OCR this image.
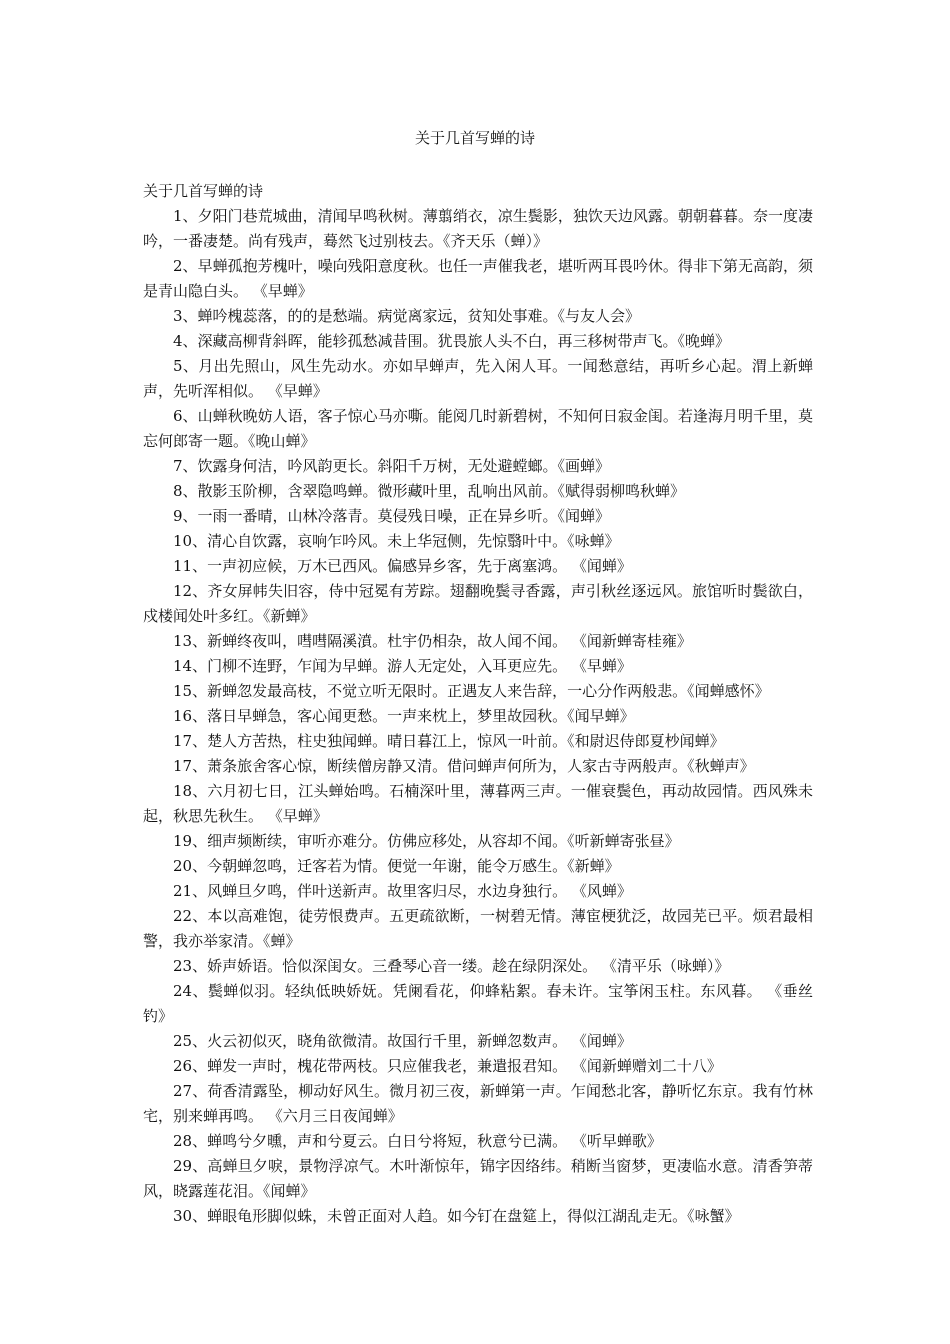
关于几首写蝉的诗

关于几首写蝉的诗

1、夕阳门巷荒城曲，清闻早鸣秋树。薄翦绡衣，凉生鬓影，独饮天边风露。朝朝暮暮。奈一度凄吟，一番凄楚。尚有残声，蓦然飞过别枝去。《齐天乐（蝉）》

2、早蝉孤抱芳槐叶，噪向残阳意度秋。也任一声催我老，堪听两耳畏吟休。得非下第无高韵，须是青山隐白头。 《早蝉》

3、蝉吟槐蕊落，的的是愁端。病觉离家远，贫知处事难。《与友人会》

4、深藏高柳背斜晖，能轸孤愁减昔围。犹畏旅人头不白，再三移树带声飞。《晚蝉》

5、月出先照山，风生先动水。亦如早蝉声，先入闲人耳。一闻愁意结，再听乡心起。渭上新蝉声，先听浑相似。 《早蝉》

6、山蝉秋晚妨人语，客子惊心马亦嘶。能阅几时新碧树，不知何日寂金闺。若逢海月明千里，莫忘何郎寄一题。《晚山蝉》

7、饮露身何洁，吟风韵更长。斜阳千万树，无处避螳螂。《画蝉》

8、散影玉阶柳，含翠隐鸣蝉。微形藏叶里，乱响出风前。《赋得弱柳鸣秋蝉》

9、一雨一番晴，山林冷落青。莫侵残日噪，正在异乡听。《闻蝉》

10、清心自饮露，哀响乍吟风。未上华冠侧，先惊翳叶中。《咏蝉》

11、一声初应候，万木已西风。偏感异乡客，先于离塞鸿。 《闻蝉》

12、齐女屏帏失旧容，侍中冠冕有芳踪。翅翻晚鬓寻香露，声引秋丝逐远风。旅馆听时鬓欲白，戍楼闻处叶多红。《新蝉》

13、新蝉终夜叫，嘒嘒隔溪濆。杜宇仍相杂，故人闻不闻。 《闻新蝉寄桂雍》

14、门柳不连野，乍闻为早蝉。游人无定处，入耳更应先。 《早蝉》

15、新蝉忽发最高枝，不觉立听无限时。正遇友人来告辞，一心分作两般悲。《闻蝉感怀》

16、落日早蝉急，客心闻更愁。一声来枕上，梦里故园秋。《闻早蝉》

17、楚人方苦热，柱史独闻蝉。晴日暮江上，惊风一叶前。《和尉迟侍郎夏杪闻蝉》

17、萧条旅舍客心惊，断续僧房静又清。借问蝉声何所为，人家古寺两般声。《秋蝉声》

18、六月初七日，江头蝉始鸣。石楠深叶里，薄暮两三声。一催衰鬓色，再动故园情。西风殊未起，秋思先秋生。 《早蝉》

19、细声频断续，审听亦难分。仿佛应移处，从容却不闻。《听新蝉寄张昼》

20、今朝蝉忽鸣，迁客若为情。便觉一年谢，能令万感生。《新蝉》

21、风蝉旦夕鸣，伴叶送新声。故里客归尽，水边身独行。 《风蝉》

22、本以高难饱，徒劳恨费声。五更疏欲断，一树碧无情。薄宦梗犹泛，故园芜已平。烦君最相警，我亦举家清。《蝉》

23、娇声娇语。恰似深闺女。三叠琴心音一缕。趁在绿阴深处。 《清平乐（咏蝉）》

24、鬓蝉似羽。轻纨低映娇妩。凭阑看花，仰蜂粘絮。春未许。宝筝闲玉柱。东风暮。 《垂丝钓》

25、火云初似灭，晓角欲微清。故国行千里，新蝉忽数声。 《闻蝉》

26、蝉发一声时，槐花带两枝。只应催我老，兼遣报君知。 《闻新蝉赠刘二十八》

27、荷香清露坠，柳动好风生。微月初三夜，新蝉第一声。乍闻愁北客，静听忆东京。我有竹林宅，别来蝉再鸣。 《六月三日夜闻蝉》

28、蝉鸣兮夕曛，声和兮夏云。白日兮将短，秋意兮已满。 《听早蝉歌》

29、高蝉旦夕唳，景物浮凉气。木叶渐惊年，锦字因络纬。稍断当窗梦，更凄临水意。清香笋蒂风，晓露莲花泪。《闻蝉》

30、蝉眼龟形脚似蛛，未曾正面对人趋。如今钉在盘筵上，得似江湖乱走无。《咏蟹》
